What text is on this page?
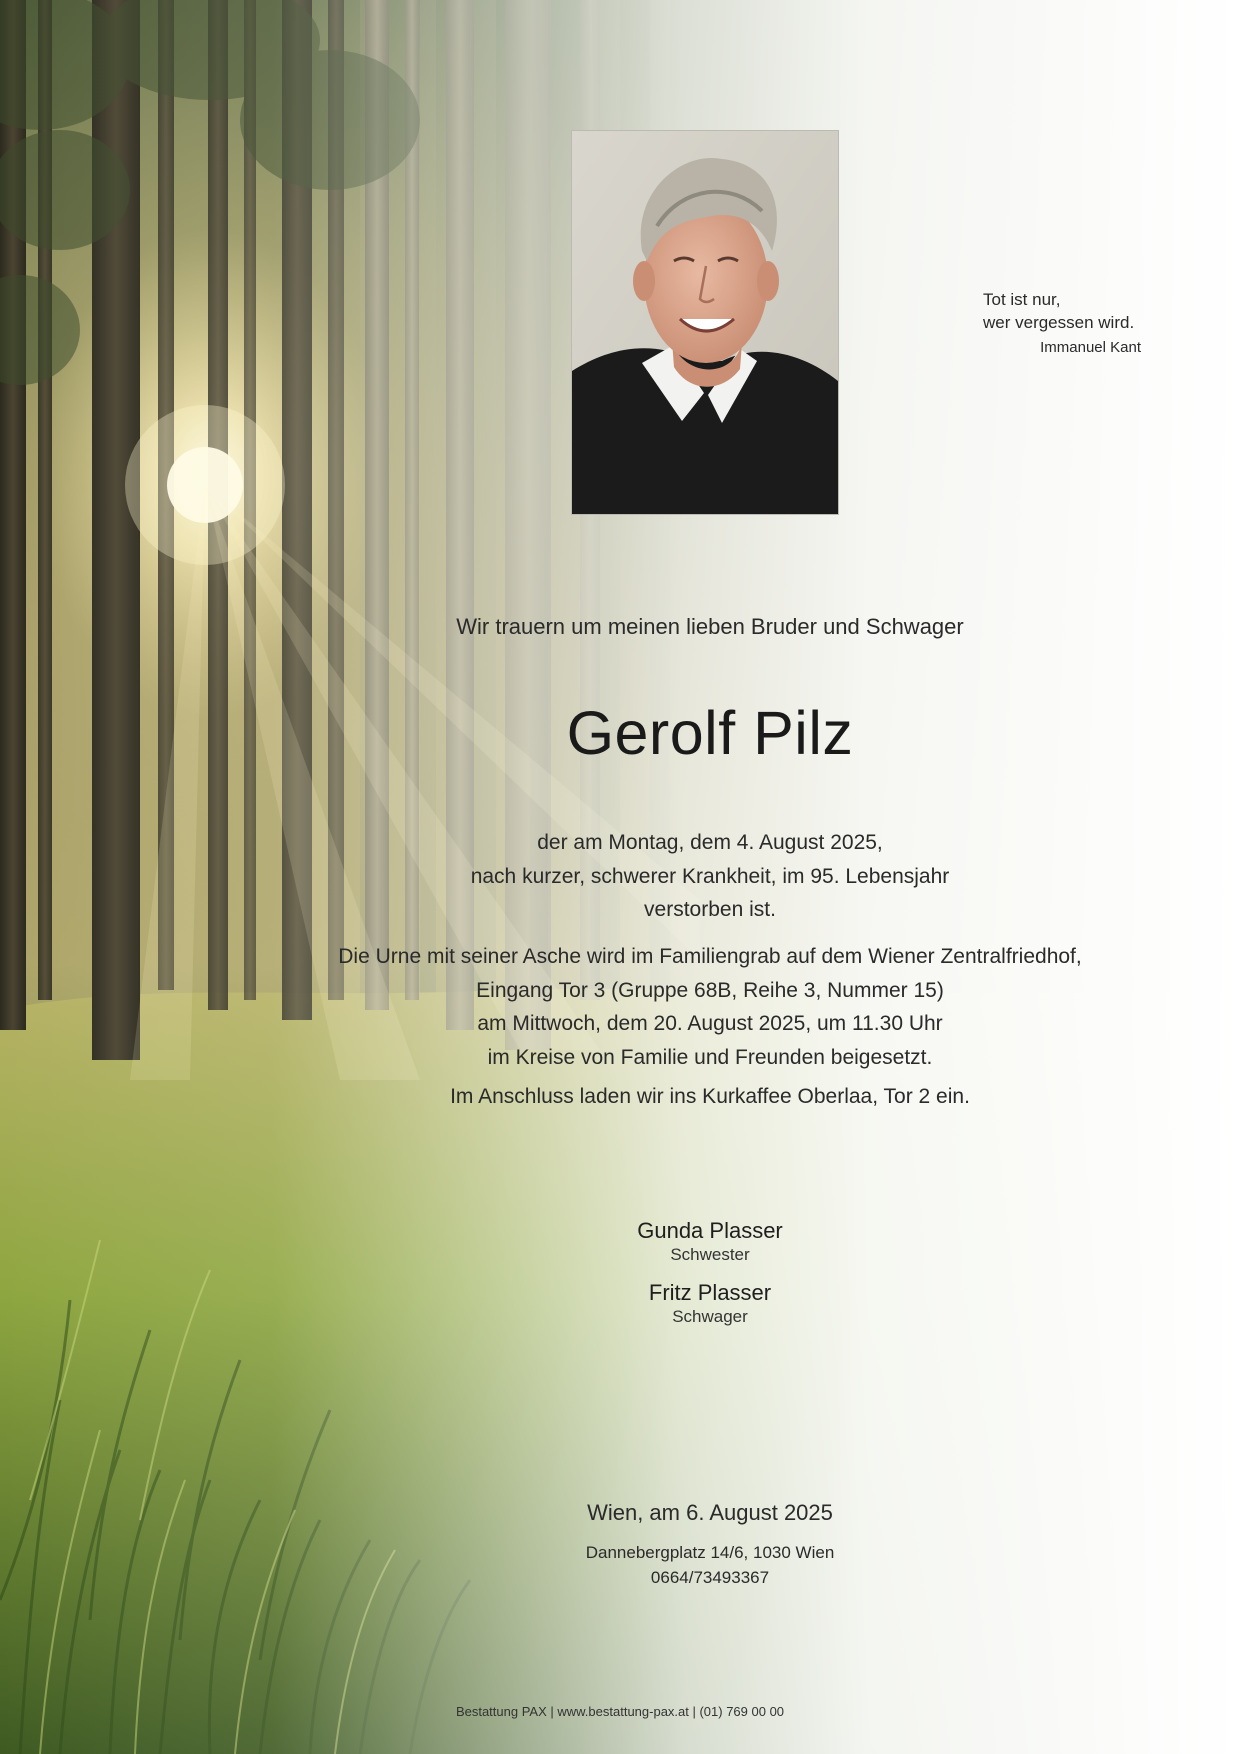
Tot ist nur,
wer vergessen wird.
Immanuel Kant
Wir trauern um meinen lieben Bruder und Schwager
Gerolf Pilz
der am Montag, dem 4. August 2025,
nach kurzer, schwerer Krankheit, im 95. Lebensjahr
verstorben ist.
Die Urne mit seiner Asche wird im Familiengrab auf dem Wiener Zentralfriedhof,
Eingang Tor 3 (Gruppe 68B, Reihe 3, Nummer 15)
am Mittwoch, dem 20. August 2025, um 11.30 Uhr
im Kreise von Familie und Freunden beigesetzt.
Im Anschluss laden wir ins Kurkaffee Oberlaa, Tor 2 ein.
Gunda Plasser
Schwester
Fritz Plasser
Schwager
Wien, am 6. August 2025
Dannebergplatz 14/6, 1030 Wien
0664/73493367
Bestattung PAX | www.bestattung-pax.at | (01) 769 00 00
